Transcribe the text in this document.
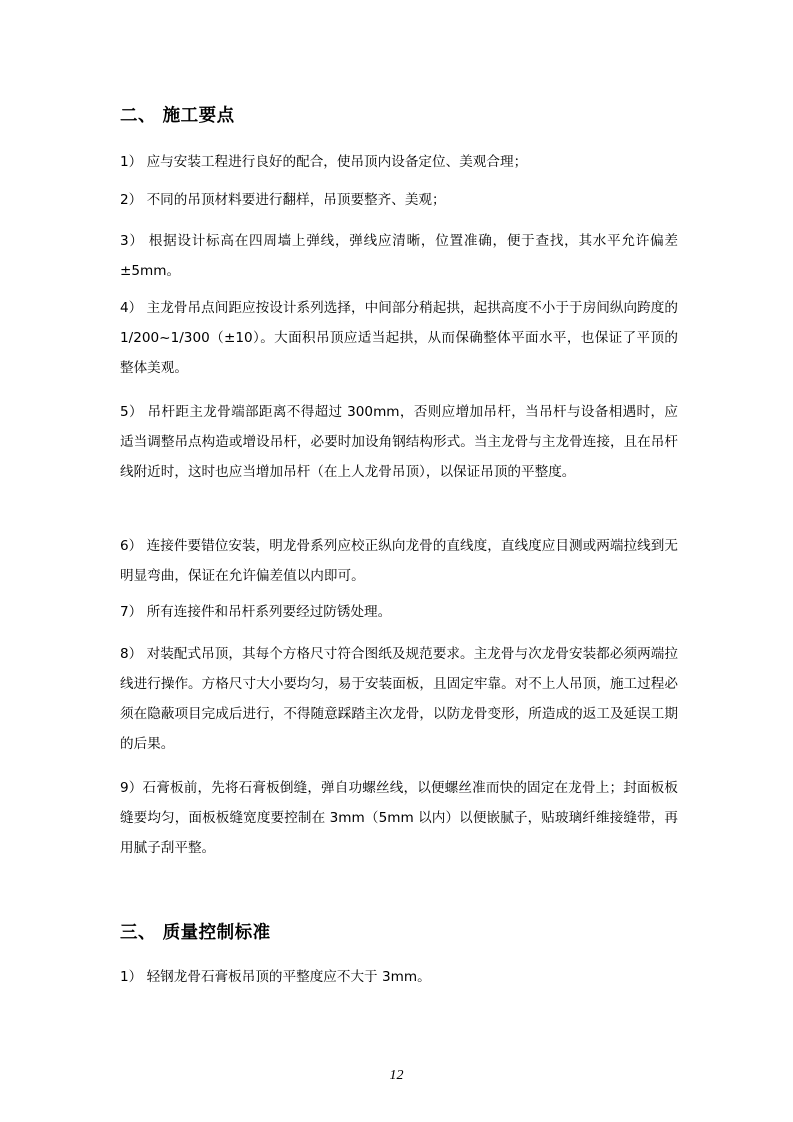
二、 施工要点

1） 应与安装工程进行良好的配合，使吊顶内设备定位、美观合理；

2） 不同的吊顶材料要进行翻样，吊顶要整齐、美观；

3） 根据设计标高在四周墙上弹线，弹线应清晰，位置准确，便于查找，其水平允许偏差±5mm。

4） 主龙骨吊点间距应按设计系列选择，中间部分稍起拱，起拱高度不小于于房间纵向跨度的 1/200~1/300（±10）。大面积吊顶应适当起拱，从而保确整体平面水平，也保证了平顶的整体美观。

5） 吊杆距主龙骨端部距离不得超过 300mm，否则应增加吊杆，当吊杆与设备相遇时，应适当调整吊点构造或增设吊杆，必要时加设角钢结构形式。当主龙骨与主龙骨连接，且在吊杆线附近时，这时也应当增加吊杆（在上人龙骨吊顶），以保证吊顶的平整度。

6） 连接件要错位安装，明龙骨系列应校正纵向龙骨的直线度，直线度应目测或两端拉线到无明显弯曲，保证在允许偏差值以内即可。

7） 所有连接件和吊杆系列要经过防锈处理。

8） 对装配式吊顶，其每个方格尺寸符合图纸及规范要求。主龙骨与次龙骨安装都必须两端拉线进行操作。方格尺寸大小要均匀，易于安装面板，且固定牢靠。对不上人吊顶，施工过程必须在隐蔽项目完成后进行，不得随意踩踏主次龙骨，以防龙骨变形，所造成的返工及延误工期的后果。

9）石膏板前，先将石膏板倒缝，弹自功螺丝线，以便螺丝准而快的固定在龙骨上；封面板板缝要均匀，面板板缝宽度要控制在 3mm（5mm 以内）以便嵌腻子，贴玻璃纤维接缝带，再用腻子刮平整。

三、 质量控制标准

1） 轻钢龙骨石膏板吊顶的平整度应不大于 3mm。

12
